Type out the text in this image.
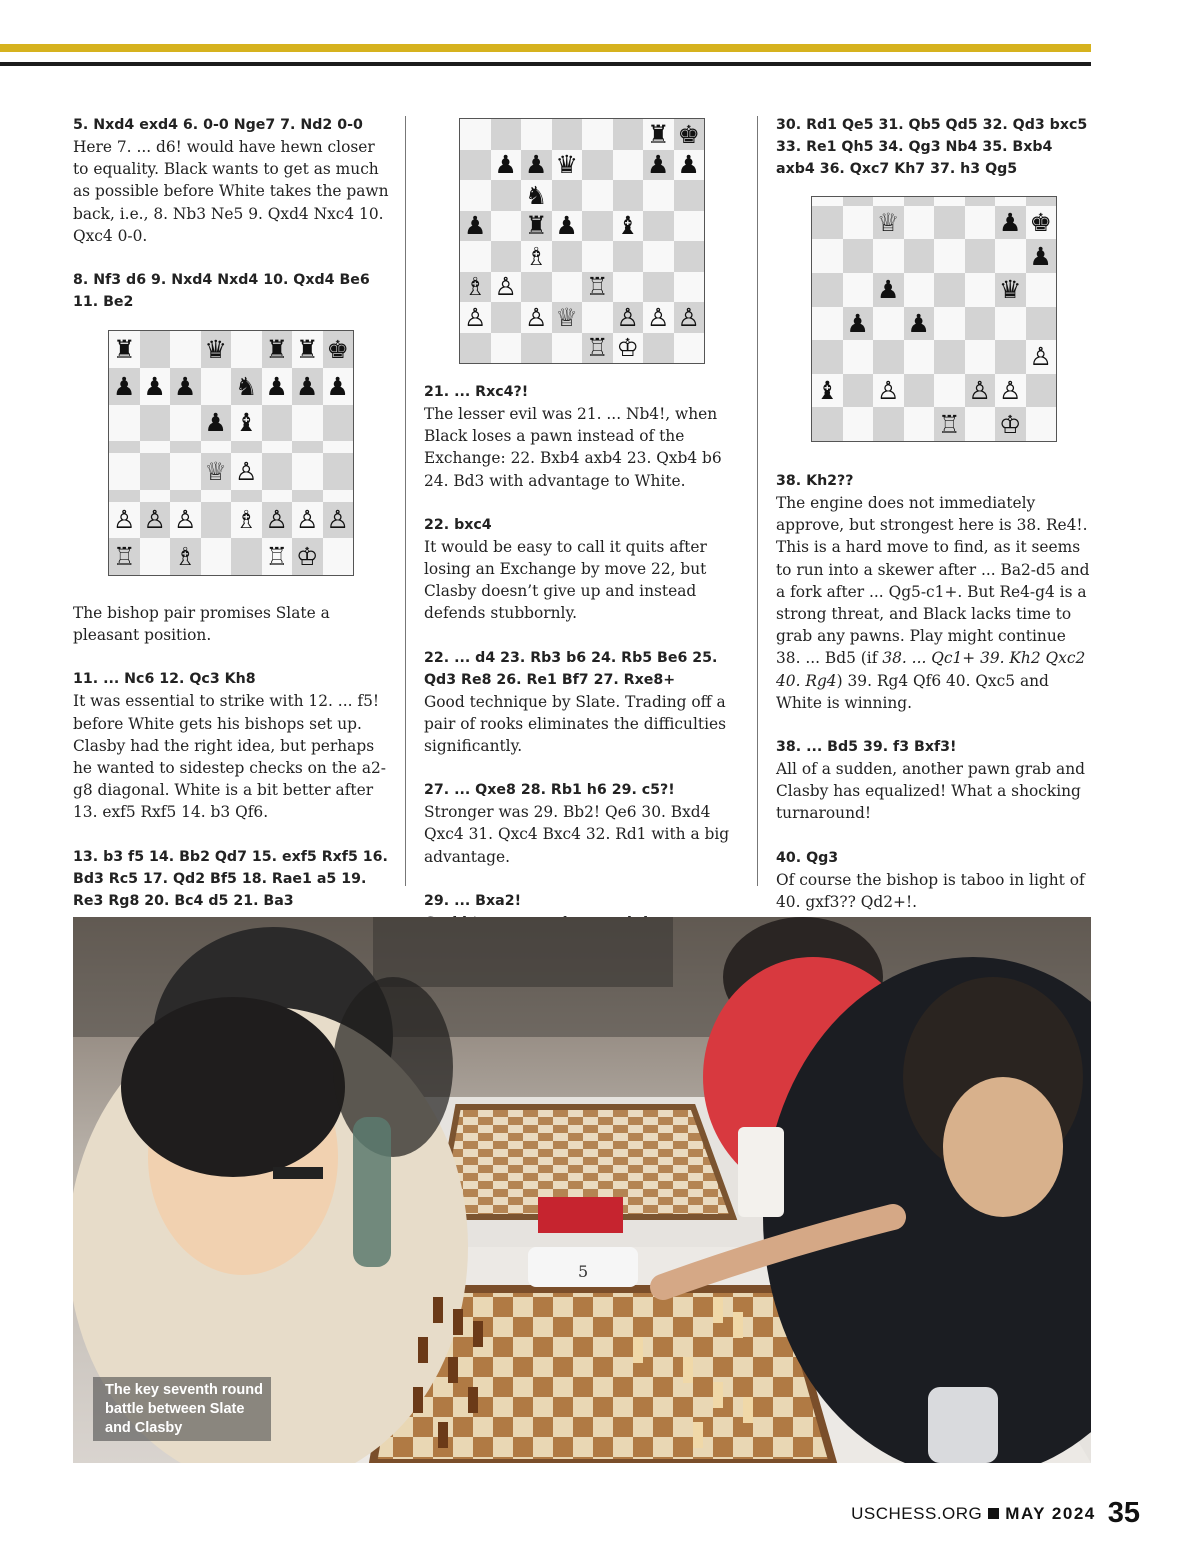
5. Nxd4 exd4 6. 0-0 Nge7 7. Nd2 0-0

Here 7. ... d6! would have hewn closer to equality. Black wants to get as much as possible before White takes the pawn back, i.e., 8. Nb3 Ne5 9. Qxd4 Nxc4 10. Qxc4 0-0.

8. Nf3 d6 9. Nxd4 Nxd4 10. Qxd4 Be6 11. Be2

♜	♛ ♜ ♜ ♚
♟ ♟ ♟ ♞ ♟ ♟ ♟
♟ ♝
♕ ♙
♙ ♙ ♙ ♗ ♙ ♙ ♙
♖ ♗	♖ ♔

The bishop pair promises Slate a pleasant position.

11. ... Nc6 12. Qc3 Kh8

It was essential to strike with 12. ... f5! before White gets his bishops set up. Clasby had the right idea, but perhaps he wanted to sidestep checks on the a2-g8 diagonal. White is a bit better after 13. exf5 Rxf5 14. b3 Qf6.

13. b3 f5 14. Bb2 Qd7 15. exf5 Rxf5 16. Bd3 Rc5 17. Qd2 Bf5 18. Rae1 a5 19. Re3 Rg8 20. Bc4 d5 21. Ba3

♜ ♚
♟ ♟ ♛	♟ ♟
♞
♟ ♜ ♟ ♝
♗
♗ ♙	♖
♙ ♙ ♕ ♙ ♙ ♙
♖ ♔

21. ... Rxc4?!

The lesser evil was 21. ... Nb4!, when Black loses a pawn instead of the Exchange: 22. Bxb4 axb4 23. Qxb4 b6 24. Bd3 with advantage to White.

22. bxc4

It would be easy to call it quits after losing an Exchange by move 22, but Clasby doesn’t give up and instead defends stubbornly.

22. ... d4 23. Rb3 b6 24. Rb5 Be6 25. Qd3 Re8 26. Re1 Bf7 27. Rxe8+

Good technique by Slate. Trading off a pair of rooks eliminates the difficulties significantly.

27. ... Qxe8 28. Rb1 h6 29. c5?!

Stronger was 29. Bb2! Qe6 30. Bxd4 Qxc4 31. Qxc4 Bxc4 32. Rd1 with a big advantage.

29. ... Bxa2!

30. Rd1 Qe5 31. Qb5 Qd5 32. Qd3 bxc5 33. Re1 Qh5 34. Qg3 Nb4 35. Bxb4 axb4 36. Qxc7 Kh7 37. h3 Qg5

♕	♟ ♚
♟
♟	♛
♟ ♟
♙
♝ ♙	♙ ♙
♖ ♔

38. Kh2??

The engine does not immediately approve, but strongest here is 38. Re4!. This is a hard move to find, as it seems to run into a skewer after ... Ba2-d5 and a fork after ... Qg5-c1+. But Re4-g4 is a strong threat, and Black lacks time to grab any pawns. Play might continue 38. ... Bd5 (if 38. ... Qc1+ 39. Kh2 Qxc2 40. Rg4) 39. Rg4 Qf6 40. Qxc5 and White is winning.

38. ... Bd5 39. f3 Bxf3!

All of a sudden, another pawn grab and Clasby has equalized! What a shocking turnaround!

40. Qg3

Of course the bishop is taboo in light of 40. gxf3?? Qd2+!.

5
The key seventh round battle between Slate and Clasby
USCHESS.ORG MAY 2024 35
